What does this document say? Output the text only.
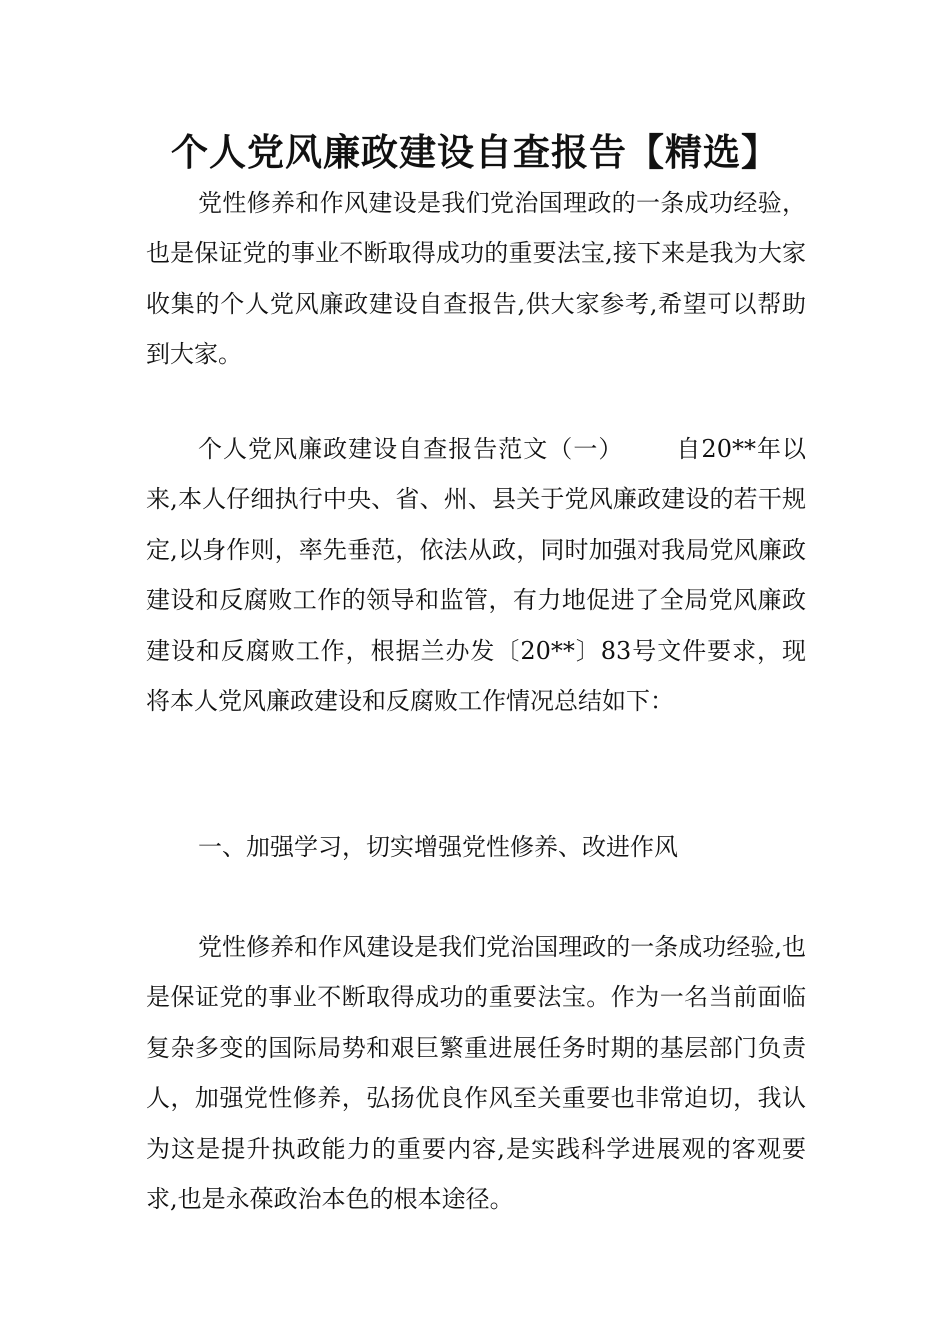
个人党风廉政建设自查报告【精选】

党性修养和作风建设是我们党治国理政的一条成功经验，也是保证党的事业不断取得成功的重要法宝,接下来是我为大家收集的个人党风廉政建设自查报告,供大家参考,希望可以帮助到大家。

个人党风廉政建设自查报告范文（一） 自20**年以来,本人仔细执行中央、省、州、县关于党风廉政建设的若干规定,以身作则，率先垂范，依法从政，同时加强对我局党风廉政建设和反腐败工作的领导和监管，有力地促进了全局党风廉政建设和反腐败工作，根据兰办发〔20**〕83号文件要求，现将本人党风廉政建设和反腐败工作情况总结如下：

一、加强学习，切实增强党性修养、改进作风

党性修养和作风建设是我们党治国理政的一条成功经验,也是保证党的事业不断取得成功的重要法宝。作为一名当前面临复杂多变的国际局势和艰巨繁重进展任务时期的基层部门负责人，加强党性修养，弘扬优良作风至关重要也非常迫切，我认为这是提升执政能力的重要内容,是实践科学进展观的客观要求,也是永葆政治本色的根本途径。
